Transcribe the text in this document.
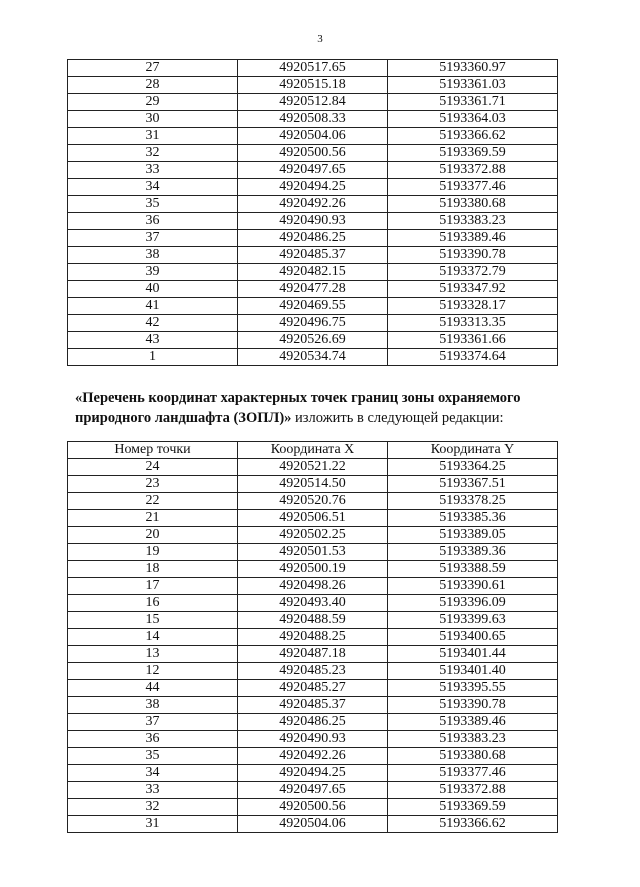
3
27	4920517.65	5193360.97
28	4920515.18	5193361.03
29	4920512.84	5193361.71
30	4920508.33	5193364.03
31	4920504.06	5193366.62
32	4920500.56	5193369.59
33	4920497.65	5193372.88
34	4920494.25	5193377.46
35	4920492.26	5193380.68
36	4920490.93	5193383.23
37	4920486.25	5193389.46
38	4920485.37	5193390.78
39	4920482.15	5193372.79
40	4920477.28	5193347.92
41	4920469.55	5193328.17
42	4920496.75	5193313.35
43	4920526.69	5193361.66
1	4920534.74	5193374.64
«Перечень координат характерных точек границ зоны охраняемого природного ландшафта (ЗОПЛ)» изложить в следующей редакции:
Номер точки	Координата X	Координата Y
24	4920521.22	5193364.25
23	4920514.50	5193367.51
22	4920520.76	5193378.25
21	4920506.51	5193385.36
20	4920502.25	5193389.05
19	4920501.53	5193389.36
18	4920500.19	5193388.59
17	4920498.26	5193390.61
16	4920493.40	5193396.09
15	4920488.59	5193399.63
14	4920488.25	5193400.65
13	4920487.18	5193401.44
12	4920485.23	5193401.40
44	4920485.27	5193395.55
38	4920485.37	5193390.78
37	4920486.25	5193389.46
36	4920490.93	5193383.23
35	4920492.26	5193380.68
34	4920494.25	5193377.46
33	4920497.65	5193372.88
32	4920500.56	5193369.59
31	4920504.06	5193366.62
